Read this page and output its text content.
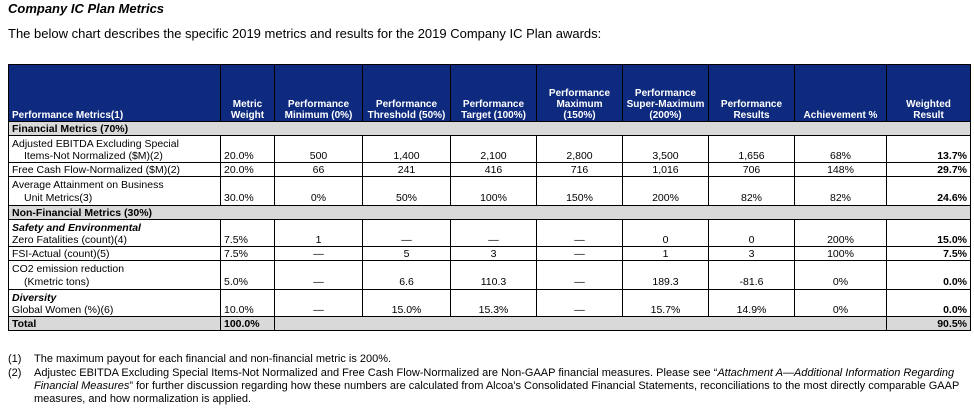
Company IC Plan Metrics
The below chart describes the specific 2019 metrics and results for the 2019 Company IC Plan awards:
Performance Metrics(1)	Metric Weight	Performance Minimum (0%)	Performance Threshold (50%)	Performance Target (100%)	Performance Maximum (150%)	Performance Super-Maximum (200%)	Performance Results	Achievement %	Weighted Result
Financial Metrics (70%)									
Adjusted EBITDA Excluding Special
Items-Not Normalized ($M)(2)	20.0%	500	1,400	2,100	2,800	3,500	1,656	68%	13.7%
Free Cash Flow-Normalized ($M)(2)	20.0%	66	241	416	716	1,016	706	148%	29.7%
Average Attainment on Business
Unit Metrics(3)	30.0%	0%	50%	100%	150%	200%	82%	82%	24.6%
Non-Financial Metrics (30%)									
Safety and Environmental
Zero Fatalities (count)(4)	7.5%	1	—	—	—	0	0	200%	15.0%
FSI-Actual (count)(5)	7.5%	—	5	3	—	1	3	100%	7.5%
CO2 emission reduction
(Kmetric tons)	5.0%	—	6.6	110.3	—	189.3	-81.6	0%	0.0%
Diversity
Global Women (%)(6)	10.0%	—	15.0%	15.3%	—	15.7%	14.9%	0%	0.0%
Total	100.0%								90.5%
(1) The maximum payout for each financial and non-financial metric is 200%.
(2) Adjustec EBITDA Excluding Special Items-Not Normalized and Free Cash Flow-Normalized are Non-GAAP financial measures. Please see “Attachment A—Additional Information Regarding Financial Measures” for further discussion regarding how these numbers are calculated from Alcoa's Consolidated Financial Statements, reconciliations to the most directly comparable GAAP measures, and how normalization is applied.
